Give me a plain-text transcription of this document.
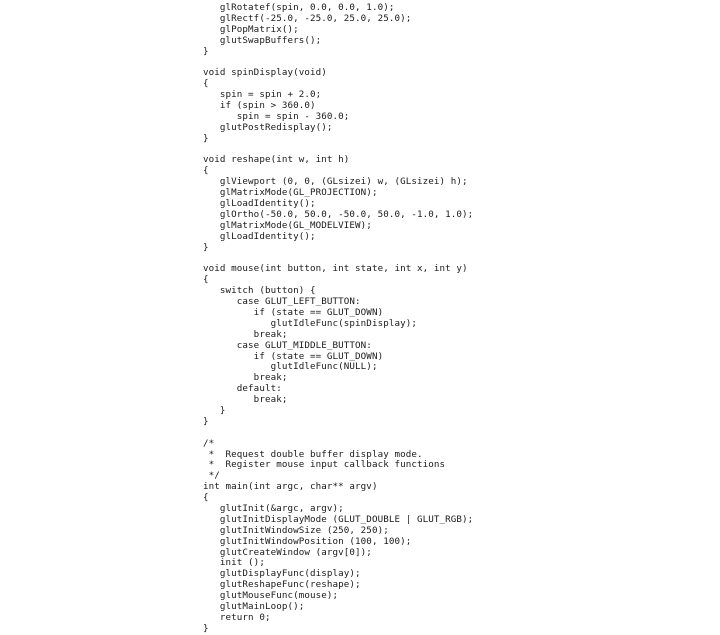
glRotatef(spin, 0.0, 0.0, 1.0);
glRectf(-25.0, -25.0, 25.0, 25.0);
glPopMatrix();
glutSwapBuffers();
}
void spinDisplay(void)
{
spin = spin + 2.0;
if (spin > 360.0)
spin = spin - 360.0;
glutPostRedisplay();
}
void reshape(int w, int h)
{
glViewport (0, 0, (GLsizei) w, (GLsizei) h);
glMatrixMode(GL_PROJECTION);
glLoadIdentity();
glOrtho(-50.0, 50.0, -50.0, 50.0, -1.0, 1.0);
glMatrixMode(GL_MODELVIEW);
glLoadIdentity();
}
void mouse(int button, int state, int x, int y)
{
switch (button) {
case GLUT_LEFT_BUTTON:
if (state == GLUT_DOWN)
glutIdleFunc(spinDisplay);
break;
case GLUT_MIDDLE_BUTTON:
if (state == GLUT_DOWN)
glutIdleFunc(NULL);
break;
default:
break;
}
}
/*
*  Request double buffer display mode.
*  Register mouse input callback functions
*/
int main(int argc, char** argv)
{
glutInit(&argc, argv);
glutInitDisplayMode (GLUT_DOUBLE | GLUT_RGB);
glutInitWindowSize (250, 250);
glutInitWindowPosition (100, 100);
glutCreateWindow (argv[0]);
init ();
glutDisplayFunc(display);
glutReshapeFunc(reshape);
glutMouseFunc(mouse);
glutMainLoop();
return 0;
}
